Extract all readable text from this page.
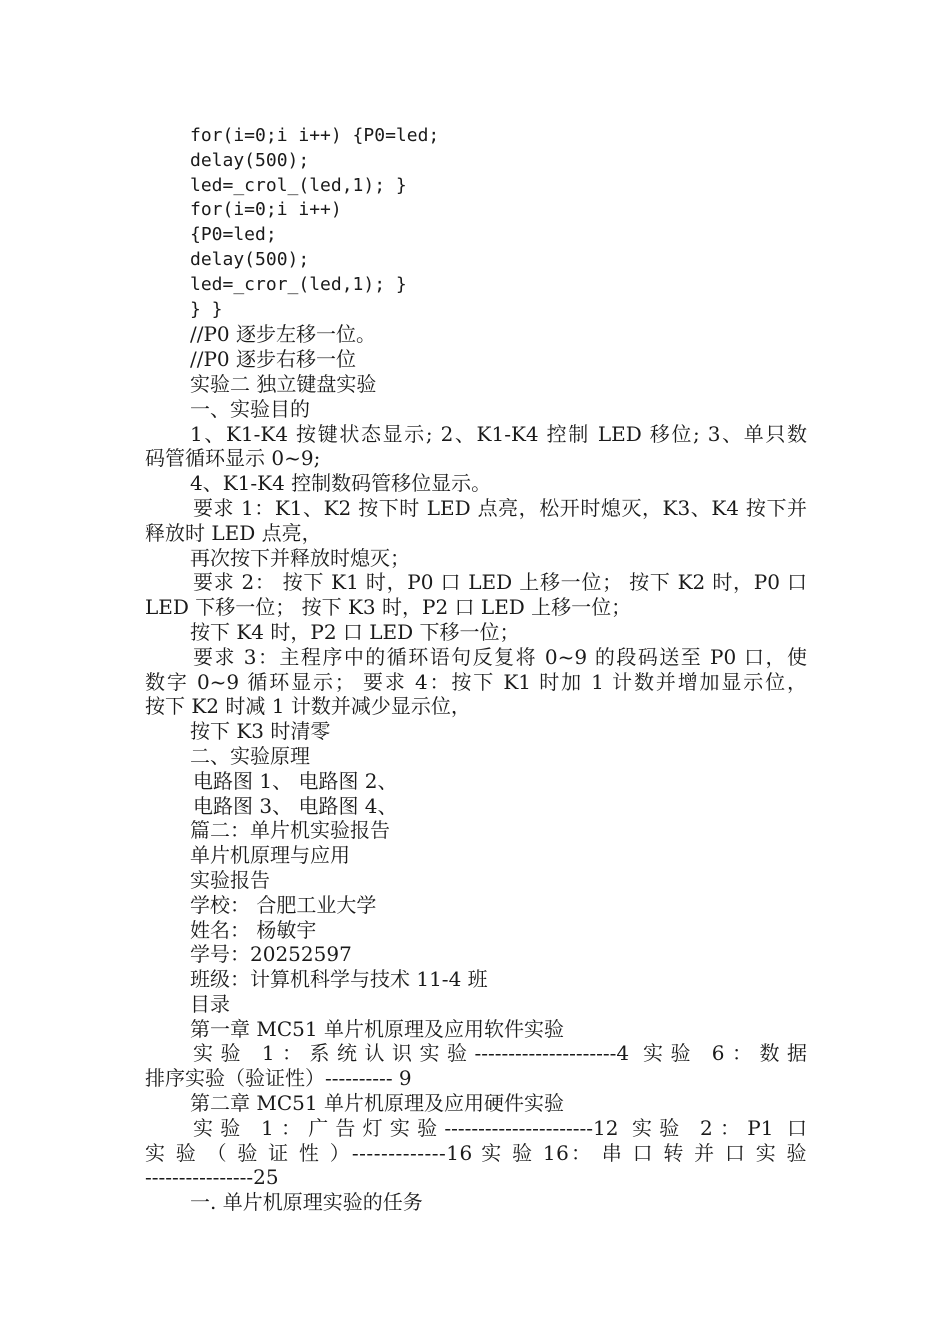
for(i=0;i i++) {P0=led;
delay(500);
led=_crol_(led,1); }
for(i=0;i i++)
{P0=led;
delay(500);
led=_cror_(led,1); }
} }
//P0 逐步左移一位。
//P0 逐步右移一位
实验二 独立键盘实验
一、实验目的
1、K1-K4 按键状态显示; 2、K1-K4 控制 LED 移位; 3、单只数
码管循环显示 0~9;
4、K1-K4 控制数码管移位显示。
要求 1：K1、K2 按下时 LED 点亮，松开时熄灭，K3、K4 按下并
释放时 LED 点亮，
再次按下并释放时熄灭；
要求 2： 按下 K1 时，P0 口 LED 上移一位； 按下 K2 时，P0 口
LED 下移一位； 按下 K3 时，P2 口 LED 上移一位；
按下 K4 时，P2 口 LED 下移一位；
要求 3：主程序中的循环语句反复将 0~9 的段码送至 P0 口，使
数字 0~9 循环显示； 要求 4：按下 K1 时加 1 计数并增加显示位，
按下 K2 时减 1 计数并减少显示位，
按下 K3 时清零
二、实验原理
电路图 1、 电路图 2、
电路图 3、 电路图 4、
篇二：单片机实验报告
单片机原理与应用
实验报告
学校： 合肥工业大学
姓名： 杨敏宇
学号：20252597
班级：计算机科学与技术 11-4 班
目录
第一章 MC51 单片机原理及应用软件实验
实验 1：系统认识实验---------------------4 实验 6：数据
排序实验（验证性）---------- 9
第二章 MC51 单片机原理及应用硬件实验
实验 1：广告灯实验----------------------12 实验 2：P1 口
实 验 （ 验 证 性 ）-------------16 实 验 16： 串 口 转 并 口 实 验
----------------25
一. 单片机原理实验的任务
